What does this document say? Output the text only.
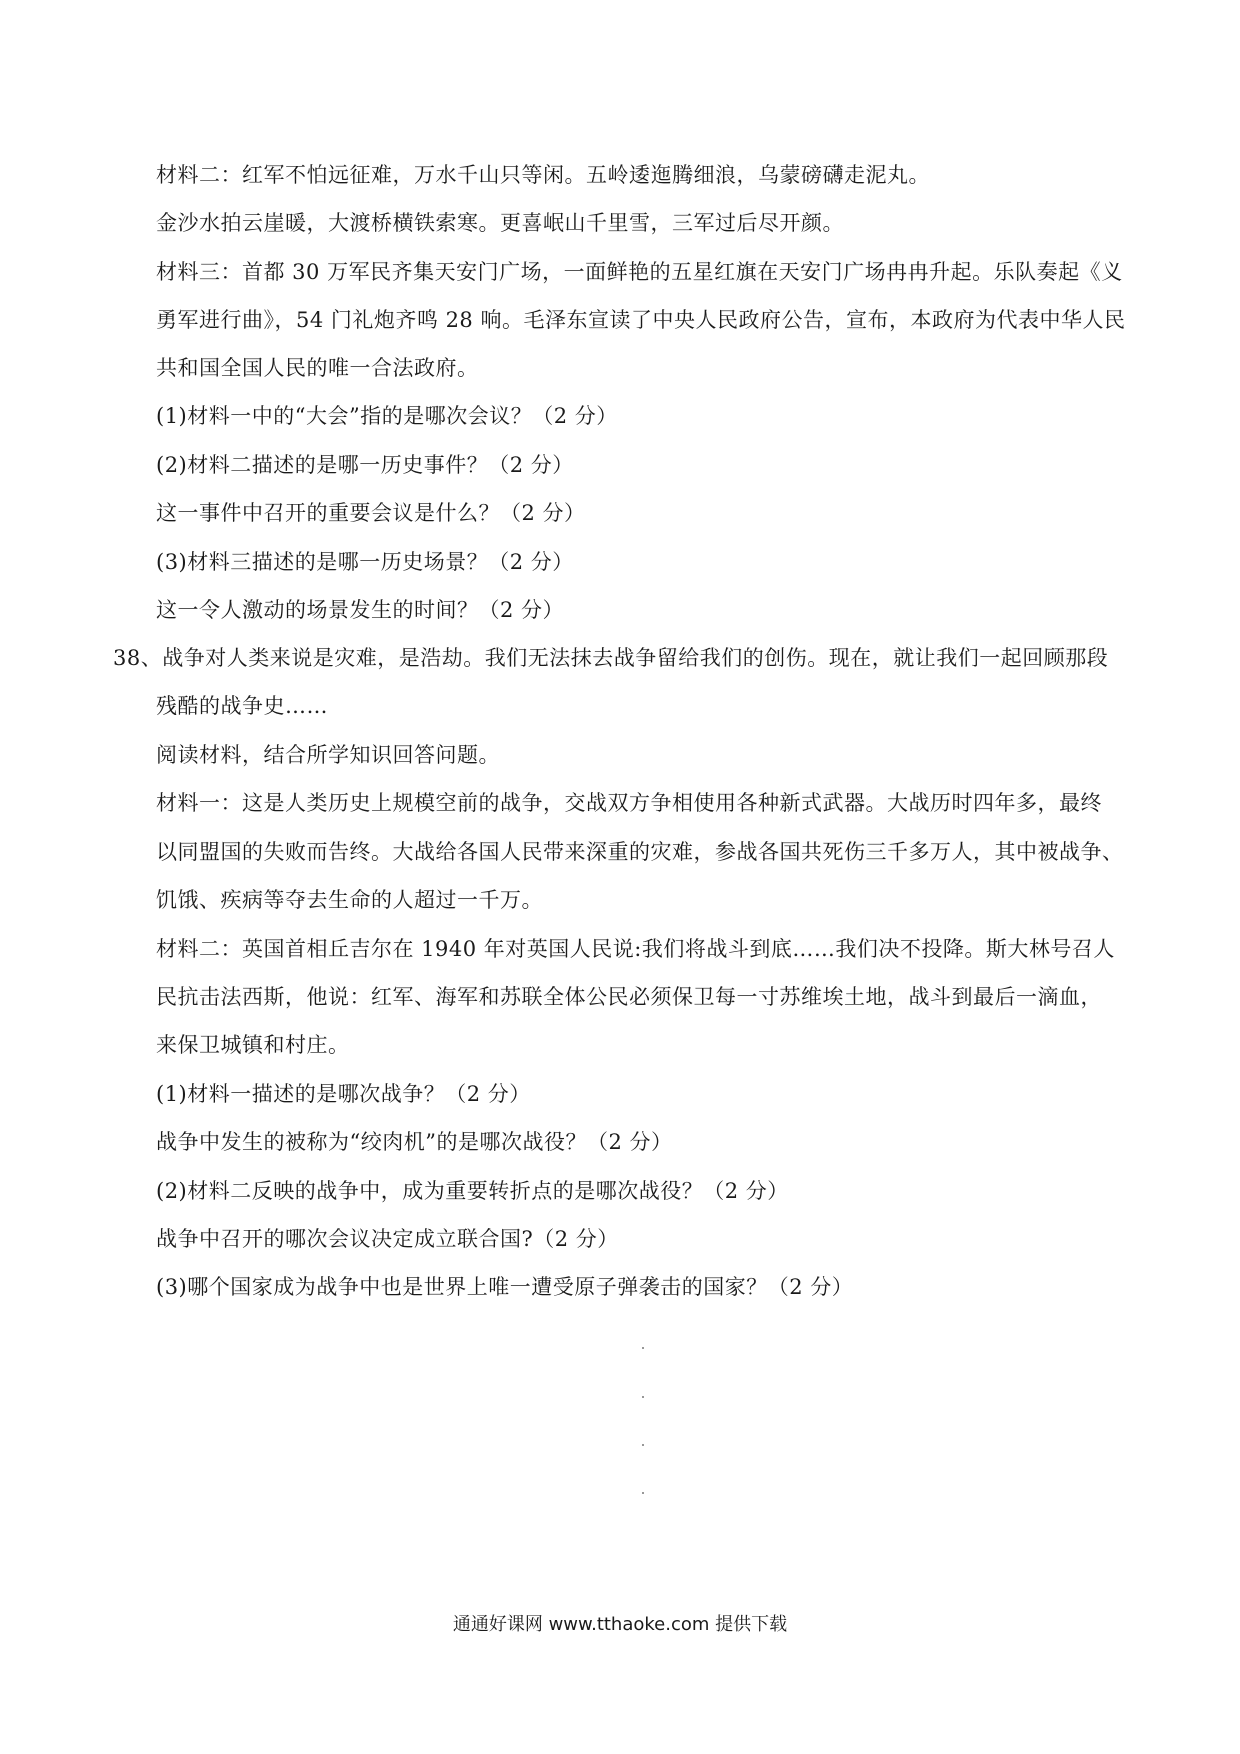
材料二：红军不怕远征难，万水千山只等闲。五岭逶迤腾细浪，乌蒙磅礴走泥丸。
金沙水拍云崖暖，大渡桥横铁索寒。更喜岷山千里雪，三军过后尽开颜。
材料三：首都 30 万军民齐集天安门广场，一面鲜艳的五星红旗在天安门广场冉冉升起。乐队奏起《义
勇军进行曲》，54 门礼炮齐鸣 28 响。毛泽东宣读了中央人民政府公告，宣布，本政府为代表中华人民
共和国全国人民的唯一合法政府。
(1)材料一中的“大会”指的是哪次会议？（2 分）
(2)材料二描述的是哪一历史事件？（2 分）
这一事件中召开的重要会议是什么？（2 分）
(3)材料三描述的是哪一历史场景？（2 分）
这一令人激动的场景发生的时间？（2 分）
38、战争对人类来说是灾难，是浩劫。我们无法抹去战争留给我们的创伤。现在，就让我们一起回顾那段
残酷的战争史……
阅读材料，结合所学知识回答问题。
材料一：这是人类历史上规模空前的战争，交战双方争相使用各种新式武器。大战历时四年多，最终
以同盟国的失败而告终。大战给各国人民带来深重的灾难，参战各国共死伤三千多万人，其中被战争、
饥饿、疾病等夺去生命的人超过一千万。
材料二：英国首相丘吉尔在 1940 年对英国人民说:我们将战斗到底……我们决不投降。斯大林号召人
民抗击法西斯，他说：红军、海军和苏联全体公民必须保卫每一寸苏维埃土地，战斗到最后一滴血，
来保卫城镇和村庄。
(1)材料一描述的是哪次战争？（2 分）
战争中发生的被称为“绞肉机”的是哪次战役？（2 分）
(2)材料二反映的战争中，成为重要转折点的是哪次战役？（2 分）
战争中召开的哪次会议决定成立联合国?（2 分）
(3)哪个国家成为战争中也是世界上唯一遭受原子弹袭击的国家？（2 分）
通通好课网 www.tthaoke.com 提供下载
